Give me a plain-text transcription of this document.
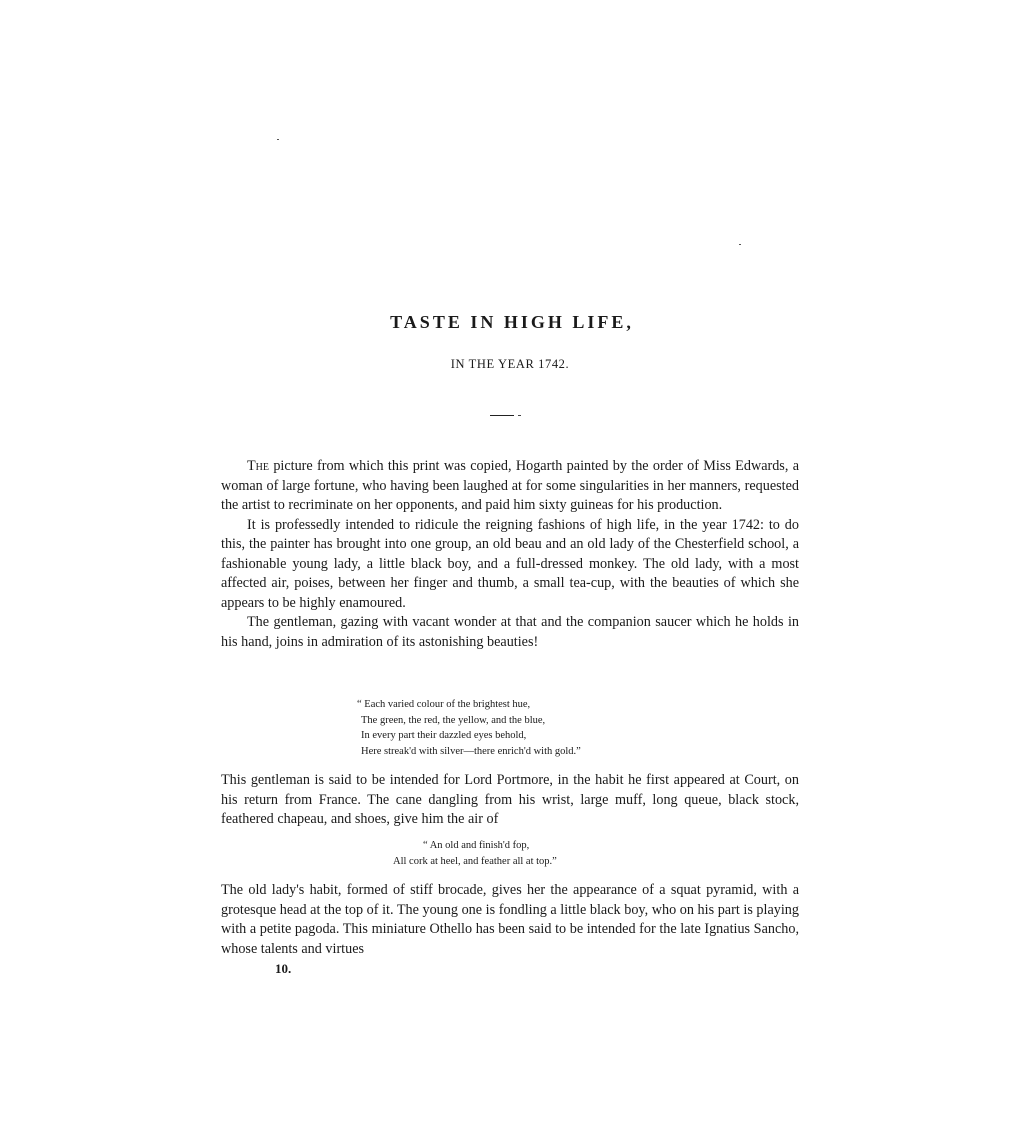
TASTE IN HIGH LIFE,
IN THE YEAR 1742.

The picture from which this print was copied, Hogarth painted by the order of Miss Edwards, a woman of large fortune, who having been laughed at for some singularities in her manners, requested the artist to recriminate on her opponents, and paid him sixty guineas for his production.

It is professedly intended to ridicule the reigning fashions of high life, in the year 1742: to do this, the painter has brought into one group, an old beau and an old lady of the Chesterfield school, a fashionable young lady, a little black boy, and a full-dressed monkey. The old lady, with a most affected air, poises, between her finger and thumb, a small tea-cup, with the beauties of which she appears to be highly enamoured.

The gentleman, gazing with vacant wonder at that and the companion saucer which he holds in his hand, joins in admiration of its astonishing beauties!

“ Each varied colour of the brightest hue,
The green, the red, the yellow, and the blue,
In every part their dazzled eyes behold,
Here streak'd with silver—there enrich'd with gold.”

This gentleman is said to be intended for Lord Portmore, in the habit he first appeared at Court, on his return from France. The cane dangling from his wrist, large muff, long queue, black stock, feathered chapeau, and shoes, give him the air of

“ An old and finish'd fop,
All cork at heel, and feather all at top.”

The old lady's habit, formed of stiff brocade, gives her the appearance of a squat pyramid, with a grotesque head at the top of it. The young one is fondling a little black boy, who on his part is playing with a petite pagoda. This miniature Othello has been said to be intended for the late Ignatius Sancho, whose talents and virtues

10.
